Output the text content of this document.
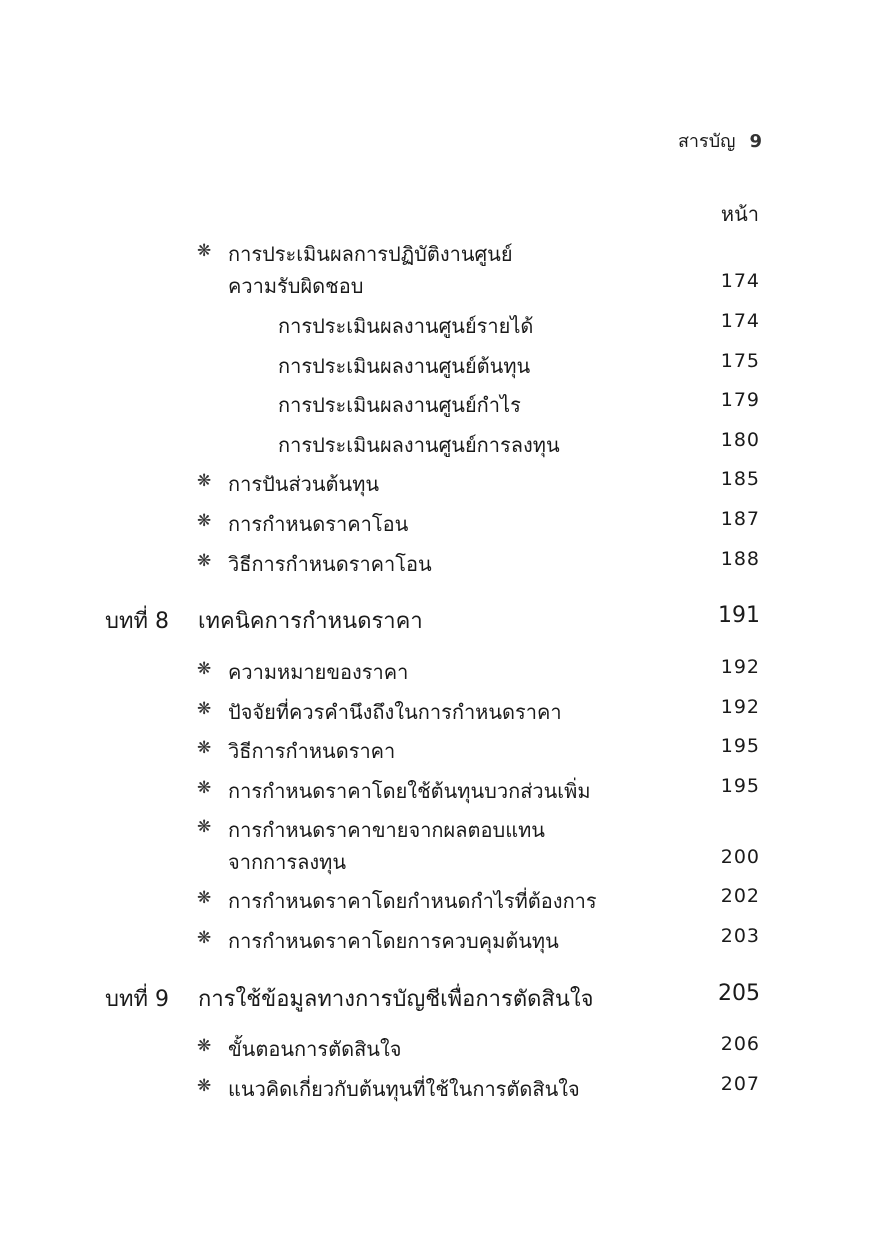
สารบัญ 9
หน้า
❋ การประเมินผลการปฏิบัติงานศูนย์
ความรับผิดชอบ	174
การประเมินผลงานศูนย์รายได้	174
การประเมินผลงานศูนย์ต้นทุน	175
การประเมินผลงานศูนย์กำไร	179
การประเมินผลงานศูนย์การลงทุน	180
❋ การปันส่วนต้นทุน	185
❋ การกำหนดราคาโอน	187
❋ วิธีการกำหนดราคาโอน	188
บทที่ 8 เทคนิคการกำหนดราคา	191
❋ ความหมายของราคา	192
❋ ปัจจัยที่ควรคำนึงถึงในการกำหนดราคา	192
❋ วิธีการกำหนดราคา	195
❋ การกำหนดราคาโดยใช้ต้นทุนบวกส่วนเพิ่ม	195
❋ การกำหนดราคาขายจากผลตอบแทน
จากการลงทุน	200
❋ การกำหนดราคาโดยกำหนดกำไรที่ต้องการ	202
❋ การกำหนดราคาโดยการควบคุมต้นทุน	203
บทที่ 9 การใช้ข้อมูลทางการบัญชีเพื่อการตัดสินใจ	205
❋ ขั้นตอนการตัดสินใจ	206
❋ แนวคิดเกี่ยวกับต้นทุนที่ใช้ในการตัดสินใจ	207
